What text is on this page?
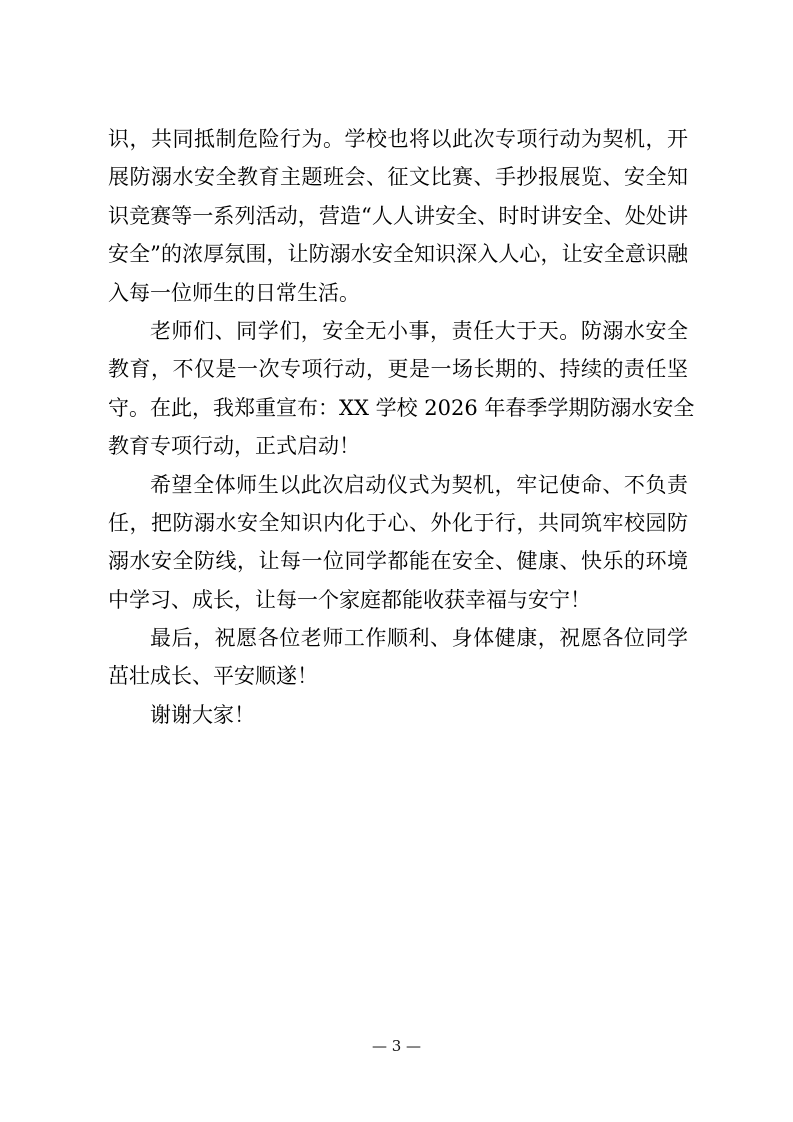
识，共同抵制危险行为。学校也将以此次专项行动为契机，开
展防溺水安全教育主题班会、征文比赛、手抄报展览、安全知
识竞赛等一系列活动，营造“人人讲安全、时时讲安全、处处讲
安全”的浓厚氛围，让防溺水安全知识深入人心，让安全意识融
入每一位师生的日常生活。
老师们、同学们，安全无小事，责任大于天。防溺水安全
教育，不仅是一次专项行动，更是一场长期的、持续的责任坚
守。在此，我郑重宣布：XX 学校 2026 年春季学期防溺水安全
教育专项行动，正式启动！
希望全体师生以此次启动仪式为契机，牢记使命、不负责
任，把防溺水安全知识内化于心、外化于行，共同筑牢校园防
溺水安全防线，让每一位同学都能在安全、健康、快乐的环境
中学习、成长，让每一个家庭都能收获幸福与安宁！
最后，祝愿各位老师工作顺利、身体健康，祝愿各位同学
茁壮成长、平安顺遂！
谢谢大家！
— 3 —
